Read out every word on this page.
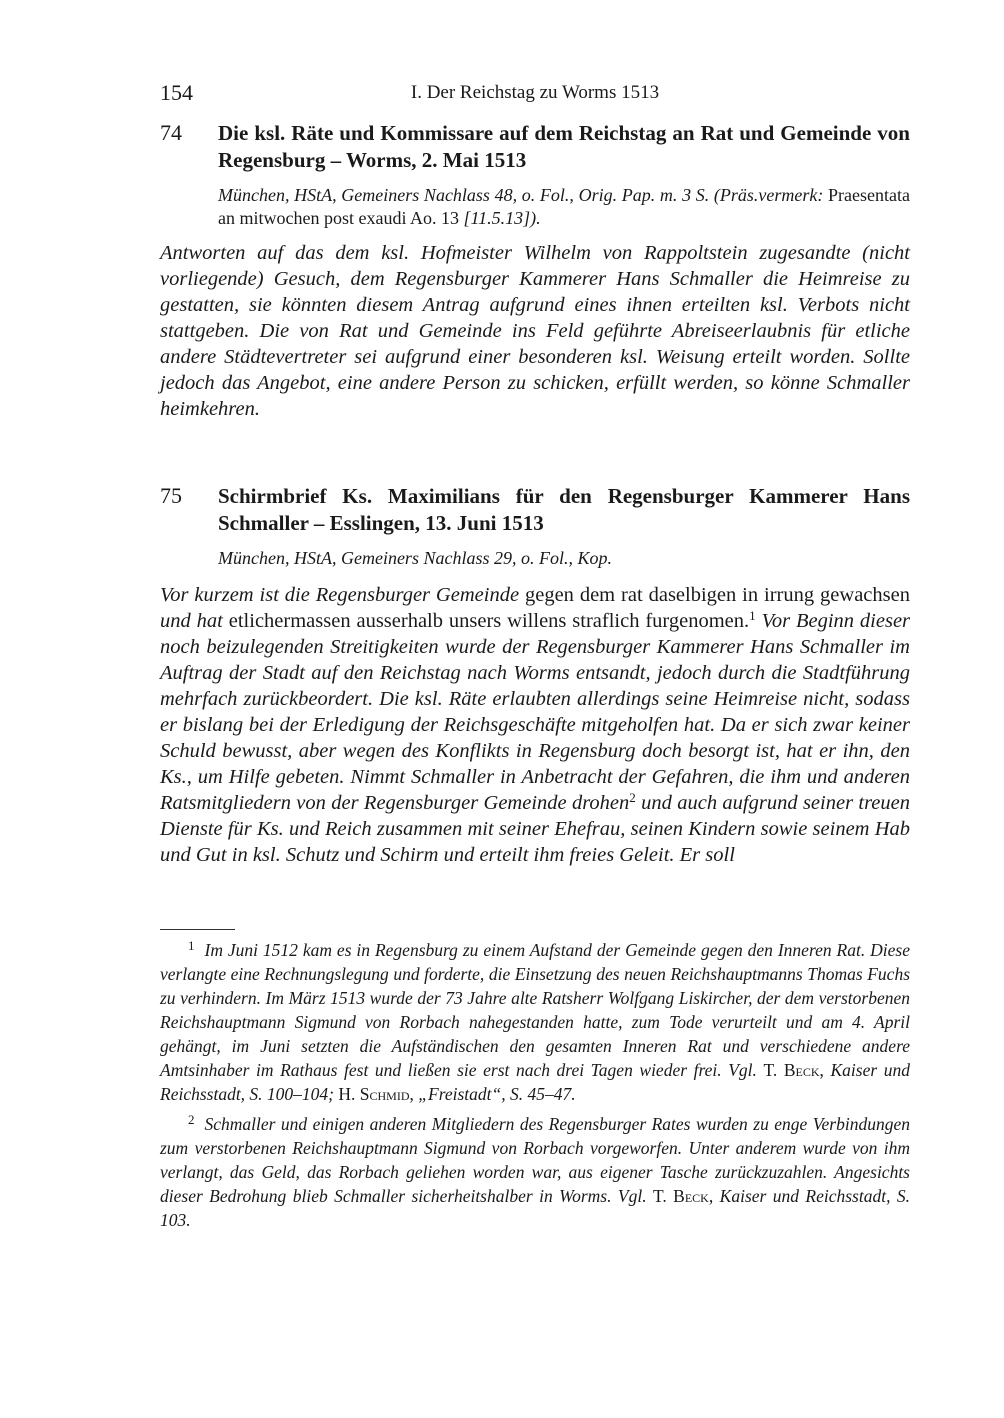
154	I. Der Reichstag zu Worms 1513
74	Die ksl. Räte und Kommissare auf dem Reichstag an Rat und Gemeinde von Regensburg – Worms, 2. Mai 1513
München, HStA, Gemeiners Nachlass 48, o. Fol., Orig. Pap. m. 3 S. (Präs.vermerk: Praesentata an mitwochen post exaudi Ao. 13 [11.5.13]).
Antworten auf das dem ksl. Hofmeister Wilhelm von Rappoltstein zugesandte (nicht vorliegende) Gesuch, dem Regensburger Kammerer Hans Schmaller die Heimreise zu gestatten, sie könnten diesem Antrag aufgrund eines ihnen erteilten ksl. Verbots nicht stattgeben. Die von Rat und Gemeinde ins Feld geführte Abreiseerlaubnis für etliche andere Städtevertreter sei aufgrund einer besonderen ksl. Weisung erteilt worden. Sollte jedoch das Angebot, eine andere Person zu schicken, erfüllt werden, so könne Schmaller heimkehren.
75	Schirmbrief Ks. Maximilians für den Regensburger Kammerer Hans Schmaller – Esslingen, 13. Juni 1513
München, HStA, Gemeiners Nachlass 29, o. Fol., Kop.
Vor kurzem ist die Regensburger Gemeinde gegen dem rat daselbigen in irrung gewachsen und hat etlichermassen ausserhalb unsers willens straflich furgenomen.$^1$ Vor Beginn dieser noch beizulegenden Streitigkeiten wurde der Regensburger Kammerer Hans Schmaller im Auftrag der Stadt auf den Reichstag nach Worms entsandt, jedoch durch die Stadtführung mehrfach zurückbeordert. Die ksl. Räte erlaubten allerdings seine Heimreise nicht, sodass er bislang bei der Erledigung der Reichsgeschäfte mitgeholfen hat. Da er sich zwar keiner Schuld bewusst, aber wegen des Konflikts in Regensburg doch besorgt ist, hat er ihn, den Ks., um Hilfe gebeten. Nimmt Schmaller in Anbetracht der Gefahren, die ihm und anderen Ratsmitgliedern von der Regensburger Gemeinde drohen$^2$ und auch aufgrund seiner treuen Dienste für Ks. und Reich zusammen mit seiner Ehefrau, seinen Kindern sowie seinem Hab und Gut in ksl. Schutz und Schirm und erteilt ihm freies Geleit. Er soll

$^1$ Im Juni 1512 kam es in Regensburg zu einem Aufstand der Gemeinde gegen den Inneren Rat. Diese verlangte eine Rechnungslegung und forderte, die Einsetzung des neuen Reichshauptmanns Thomas Fuchs zu verhindern. Im März 1513 wurde der 73 Jahre alte Ratsherr Wolfgang Liskircher, der dem verstorbenen Reichshauptmann Sigmund von Rorbach nahegestanden hatte, zum Tode verurteilt und am 4. April gehängt, im Juni setzten die Aufständischen den gesamten Inneren Rat und verschiedene andere Amtsinhaber im Rathaus fest und ließen sie erst nach drei Tagen wieder frei. Vgl. T. Beck, Kaiser und Reichsstadt, S. 100–104; H. Schmid, „Freistadt“, S. 45–47.

$^2$ Schmaller und einigen anderen Mitgliedern des Regensburger Rates wurden zu enge Verbindungen zum verstorbenen Reichshauptmann Sigmund von Rorbach vorgeworfen. Unter anderem wurde von ihm verlangt, das Geld, das Rorbach geliehen worden war, aus eigener Tasche zurückzuzahlen. Angesichts dieser Bedrohung blieb Schmaller sicherheitshalber in Worms. Vgl. T. Beck, Kaiser und Reichsstadt, S. 103.
